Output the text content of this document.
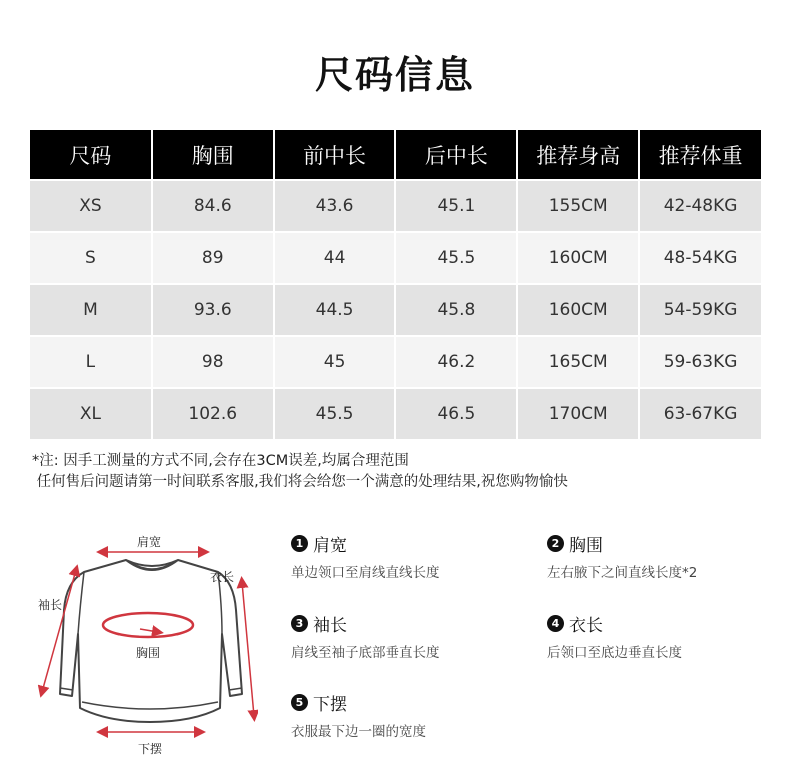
尺码信息
尺码	胸围	前中长	后中长	推荐身高	推荐体重
XS	84.6	43.6	45.1	155CM	42-48KG
S	89	44	45.5	160CM	48-54KG
M	93.6	44.5	45.8	160CM	54-59KG
L	98	45	46.2	165CM	59-63KG
XL	102.6	45.5	46.5	170CM	63-67KG
*注: 因手工测量的方式不同,会存在3CM误差,均属合理范围
任何售后问题请第一时间联系客服,我们将会给您一个满意的处理结果,祝您购物愉快
肩宽
袖长
衣长
胸围
下摆
1 肩宽
单边领口至肩线直线长度
2 胸围
左右腋下之间直线长度*2
3 袖长
肩线至袖子底部垂直长度
4 衣长
后领口至底边垂直长度
5 下摆
衣服最下边一圈的宽度
